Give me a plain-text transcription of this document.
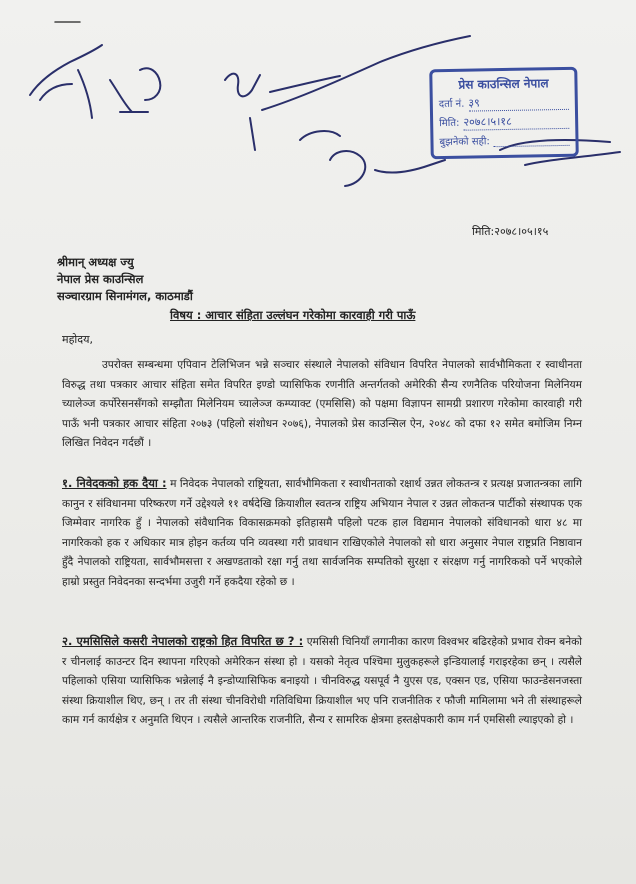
प्रेस काउन्सिल नेपाल
दर्ता नं. ३९
मिति: २०७८।५।१८
बुझनेको सही:
मिति:२०७८।०५।१५
श्रीमान् अध्यक्ष ज्यु
नेपाल प्रेस काउन्सिल
सञ्चारग्राम सिनामंगल, काठमाडौं
विषय : आचार संहिता उल्लंघन गरेकोमा कारवाही गरी पाऊँ
महोदय,
उपरोक्त सम्बन्धमा एपिवान टेलिभिजन भन्ने सञ्चार संस्थाले नेपालको संविधान विपरित नेपालको सार्वभौमिकता र स्वाधीनता विरुद्ध तथा पत्रकार आचार संहिता समेत विपरित इण्डो प्यासिफिक रणनीति अन्तर्गतको अमेरिकी सैन्य रणनैतिक परियोजना मिलेनियम च्यालेञ्ज कर्पोरेसनसँगको सम्झौता मिलेनियम च्यालेञ्ज कम्प्याक्ट (एमसिसि) को पक्षमा विज्ञापन सामग्री प्रशारण गरेकोमा कारवाही गरी पाऊँ भनी पत्रकार आचार संहिता २०७३ (पहिलो संशोधन २०७६), नेपालको प्रेस काउन्सिल ऐन, २०४८ को दफा १२ समेत बमोजिम निम्न लिखित निवेदन गर्दछौं ।
१. निवेदकको हक दैया : म निवेदक नेपालको राष्ट्रियता, सार्वभौमिकता र स्वाधीनताको रक्षार्थ उन्नत लोकतन्त्र र प्रत्यक्ष प्रजातन्त्रका लागि कानुन र संविधानमा परिष्करण गर्ने उद्देश्यले ११ वर्षदेखि क्रियाशील स्वतन्त्र राष्ट्रिय अभियान नेपाल र उन्नत लोकतन्त्र पार्टीको संस्थापक एक जिम्मेवार नागरिक हुँ । नेपालको संवैधानिक विकासक्रमको इतिहासमै पहिलो पटक हाल विद्यमान नेपालको संविधानको धारा ४८ मा नागरिकको हक र अधिकार मात्र होइन कर्तव्य पनि व्यवस्था गरी प्रावधान राखिएकोले नेपालको सो धारा अनुसार नेपाल राष्ट्रप्रति निष्ठावान हुँदै नेपालको राष्ट्रियता, सार्वभौमसत्ता र अखण्डताको रक्षा गर्नु तथा सार्वजनिक सम्पतिको सुरक्षा र संरक्षण गर्नु नागरिकको पर्ने भएकोले हाम्रो प्रस्तुत निवेदनका सन्दर्भमा उजुरी गर्ने हकदैया रहेको छ ।
२. एमसिसिले कसरी नेपालको राष्ट्रको हित विपरित छ ? : एमसिसी चिनियाँ लगानीका कारण विश्वभर बढिरहेको प्रभाव रोक्न बनेको र चीनलाई काउन्टर दिन स्थापना गरिएको अमेरिकन संस्था हो । यसको नेतृत्व पश्चिमा मुलुकहरूले इन्डियालाई गराइरहेका छन् । त्यसैले पहिलाको एसिया प्यासिफिक भन्नेलाई नै इन्डोप्यासिफिक बनाइयो । चीनविरुद्ध यसपूर्व नै युएस एड, एक्सन एड, एसिया फाउन्डेसनजस्ता संस्था क्रियाशील थिए, छन् । तर ती संस्था चीनविरोधी गतिविधिमा क्रियाशील भए पनि राजनीतिक र फौजी मामिलामा भने ती संस्थाहरूले काम गर्न कार्यक्षेत्र र अनुमति थिएन । त्यसैले आन्तरिक राजनीति, सैन्य र सामरिक क्षेत्रमा हस्तक्षेपकारी काम गर्न एमसिसी ल्याइएको हो ।
